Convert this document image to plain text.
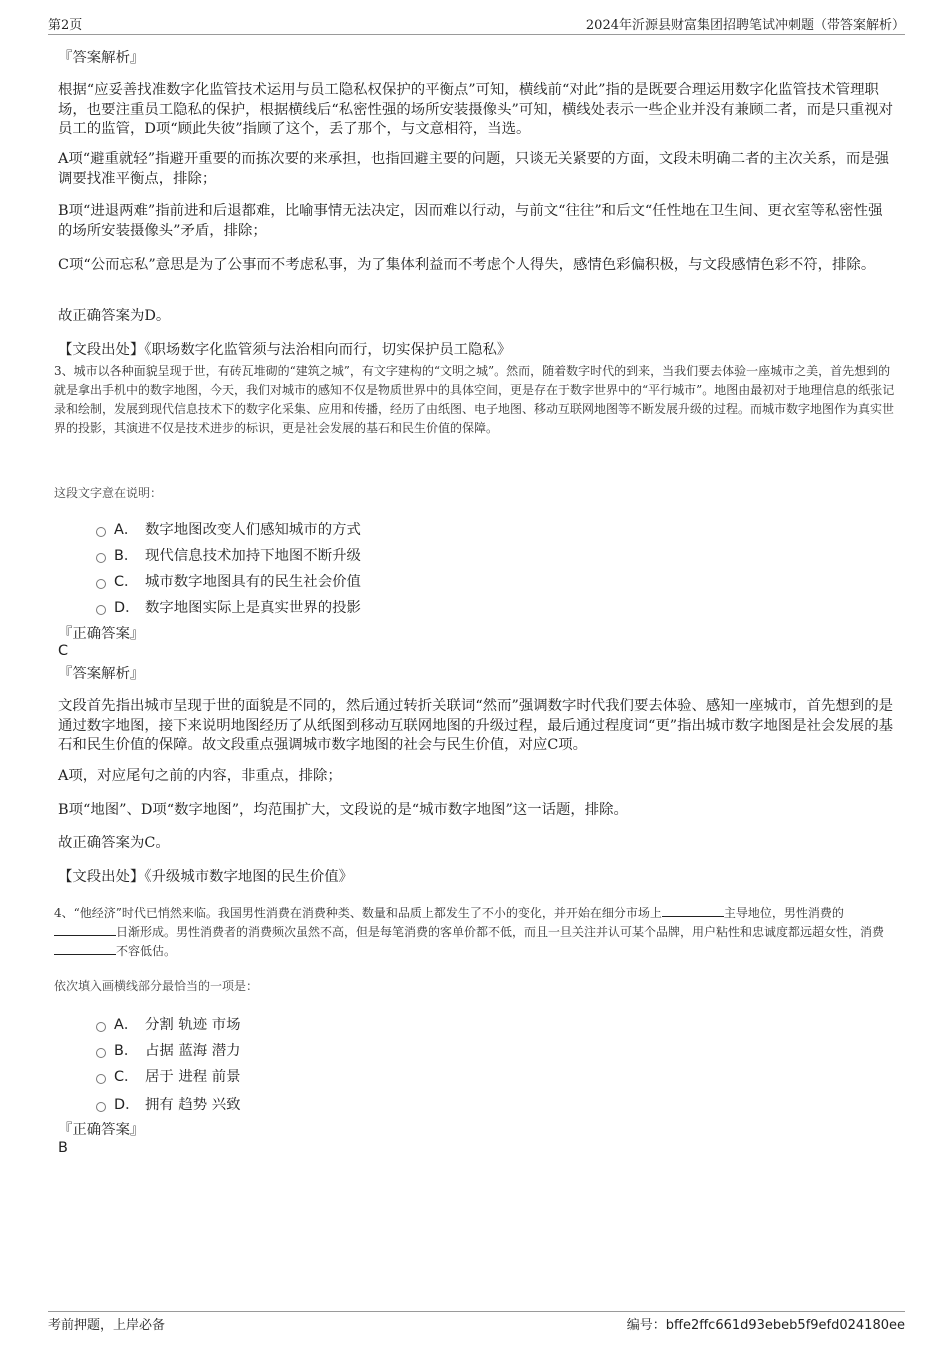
第2页	2024年沂源县财富集团招聘笔试冲刺题（带答案解析）
『答案解析』
根据“应妥善找准数字化监管技术运用与员工隐私权保护的平衡点”可知，横线前“对此”指的是既要合理运用数字化监管技术管理职场，也要注重员工隐私的保护，根据横线后“私密性强的场所安装摄像头”可知，横线处表示一些企业并没有兼顾二者，而是只重视对员工的监管，D项“顾此失彼”指顾了这个，丢了那个，与文意相符，当选。
A项“避重就轻”指避开重要的而拣次要的来承担，也指回避主要的问题，只谈无关紧要的方面，文段未明确二者的主次关系，而是强调要找准平衡点，排除；
B项“进退两难”指前进和后退都难，比喻事情无法决定，因而难以行动，与前文“往往”和后文“任性地在卫生间、更衣室等私密性强的场所安装摄像头”矛盾，排除；
C项“公而忘私”意思是为了公事而不考虑私事，为了集体利益而不考虑个人得失，感情色彩偏积极，与文段感情色彩不符，排除。
故正确答案为D。
【文段出处】《职场数字化监管须与法治相向而行，切实保护员工隐私》
3、城市以各种面貌呈现于世，有砖瓦堆砌的“建筑之城”，有文字建构的“文明之城”。然而，随着数字时代的到来，当我们要去体验一座城市之美，首先想到的就是拿出手机中的数字地图，今天，我们对城市的感知不仅是物质世界中的具体空间，更是存在于数字世界中的“平行城市”。地图由最初对于地理信息的纸张记录和绘制，发展到现代信息技术下的数字化采集、应用和传播，经历了由纸图、电子地图、移动互联网地图等不断发展升级的过程。而城市数字地图作为真实世界的投影，其演进不仅是技术进步的标识，更是社会发展的基石和民生价值的保障。
这段文字意在说明：
A． 数字地图改变人们感知城市的方式
B． 现代信息技术加持下地图不断升级
C． 城市数字地图具有的民生社会价值
D． 数字地图实际上是真实世界的投影
『正确答案』
C
『答案解析』
文段首先指出城市呈现于世的面貌是不同的，然后通过转折关联词“然而”强调数字时代我们要去体验、感知一座城市，首先想到的是通过数字地图，接下来说明地图经历了从纸图到移动互联网地图的升级过程，最后通过程度词“更”指出城市数字地图是社会发展的基石和民生价值的保障。故文段重点强调城市数字地图的社会与民生价值，对应C项。
A项，对应尾句之前的内容，非重点，排除；
B项“地图”、D项“数字地图”，均范围扩大，文段说的是“城市数字地图”这一话题，排除。
故正确答案为C。
【文段出处】《升级城市数字地图的民生价值》
4、“他经济”时代已悄然来临。我国男性消费在消费种类、数量和品质上都发生了不小的变化，并开始在细分市场上	主导地位，男性消费的日渐形成。男性消费者的消费频次虽然不高，但是每笔消费的客单价都不低，而且一旦关注并认可某个品牌，用户粘性和忠诚度都远超女性，消费不容低估。
依次填入画横线部分最恰当的一项是：
A． 分割 轨迹 市场
B． 占据 蓝海 潜力
C． 居于 进程 前景
D． 拥有 趋势 兴致
『正确答案』
B
考前押题，上岸必备	编号：bffe2ffc661d93ebeb5f9efd024180ee
